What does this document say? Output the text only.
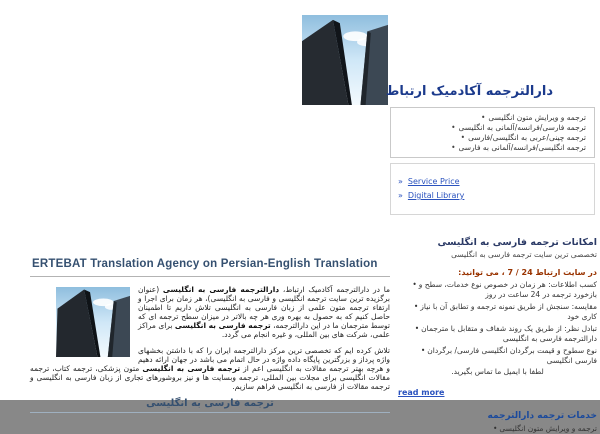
دارالترجمه آکادمیک ارتباط
• ترجمه و ویرایش متون انگلیسی
• ترجمه فارسی/فرانسه/آلمانی به انگلیسی
• ترجمه چینی/عربی به انگلیسی/فارسی
• ترجمه انگلیسی/فرانسه/آلمانی به فارسی
» Service Price
» Digital Library
ERTEBAT Translation Agency on Persian-English Translation

ما در دارالترجمه آکادمیک ارتباط، دارالترجمه فارسی به انگلیسی (عنوان برگزیده ترین سایت ترجمه انگلیسی و فارسی به انگلیسی)، هر زمان برای اجرا و ارتقاء ترجمه متون علمی از زبان فارسی به انگلیسی تلاش داریم تا اطمینان حاصل کنیم که به حصول به بهره وری هر چه بالاتر در میزان سطح ترجمه ای که توسط مترجمان ما در این دارالترجمه، ترجمه فارسی به انگلیسی برای مراکز علمی، شرکت های بین المللی، و غیره انجام می گردد.

تلاش کرده ایم که تخصصی ترین مرکز دارالترجمه ایران را که با داشتن بخشهای واژه پرداز و بزرگترین پایگاه داده واژه در حال اتمام می باشد در جهان ارائه دهیم و هرچه بهتر ترجمه مقالات به انگلیسی اعم از ترجمه فارسی به انگلیسی متون پزشکی، ترجمه کتاب، ترجمه مقالات انگلیسی برای مجلات بین المللی، ترجمه وبسایت ها و نیز بروشورهای تجاری از زبان فارسی به انگلیسی و ترجمه مقالات از فارسی به انگلیسی فراهم سازیم.

ترجمه فارسی به انگلیسی
امكانات ترجمه فارسی به انگلیسی
تخصصی ترین سایت ترجمه فارسی به انگلیسی
در سایت ارتباط 24 / 7 ، می توانید:
• کسب اطلاعات: هر زمان در خصوص نوع خدمات، سطح و بازخورد ترجمه در 24 ساعت در روز
• مقایسه: سنجش از طریق نمونه ترجمه و تطابق آن با نیاز کاری خود
• تبادل نظر: از طریق یک روند شفاف و متقابل با مترجمان دارالترجمه فارسی به انگلیسی
• نوع سطوح و قیمت برگردان انگلیسی فارسی/ برگردان فارسی انگلیسی
لطفا با ایمیل ما تماس بگیرید.
read more
خدمات ترجمه دارالترجمه
• ترجمه و ویرایش متون انگلیسی
